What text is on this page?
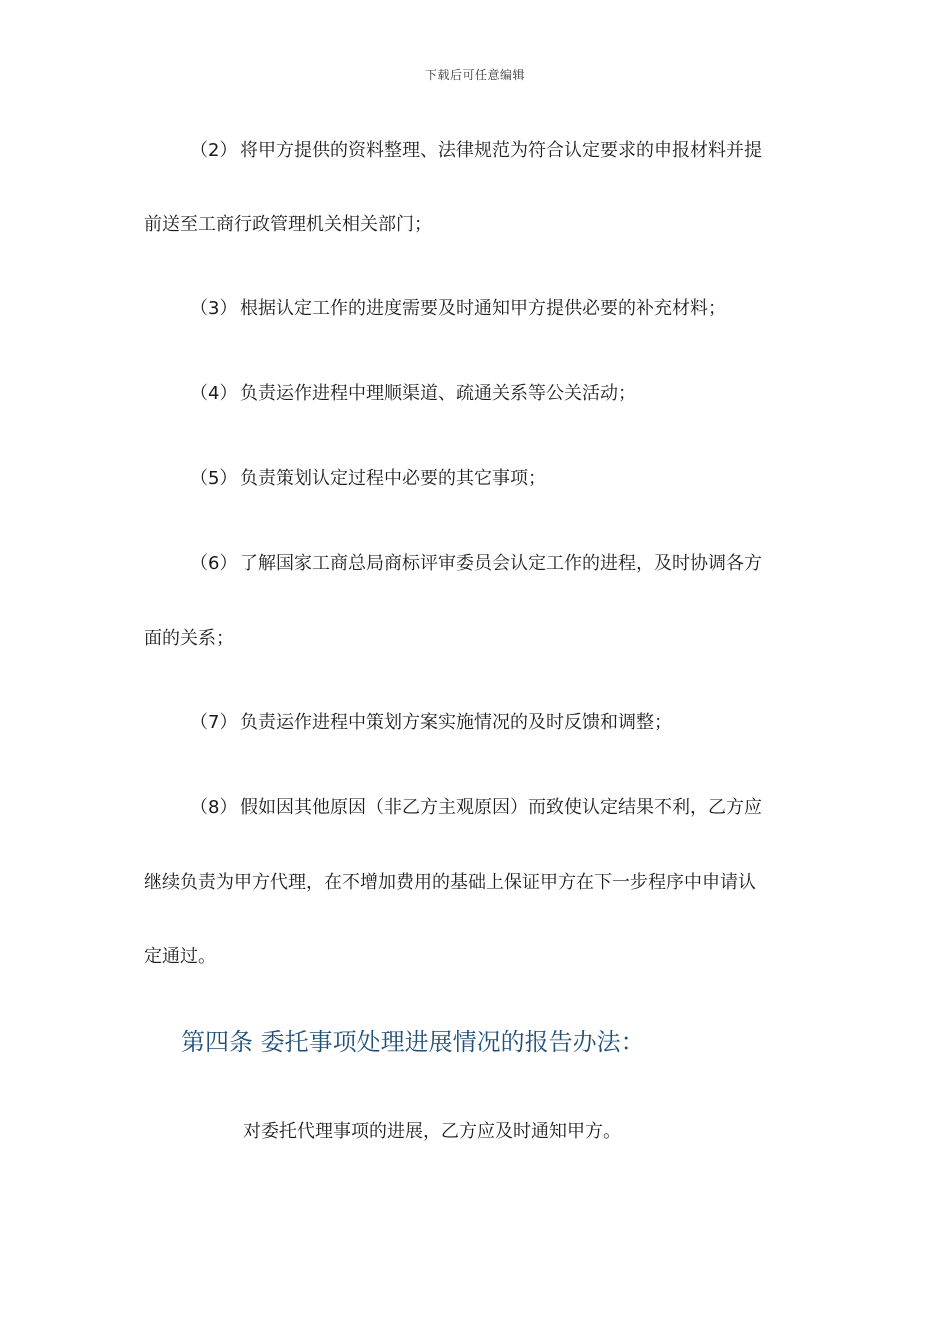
下载后可任意编辑
（2） 将甲方提供的资料整理、法律规范为符合认定要求的申报材料并提
前送至工商行政管理机关相关部门；
（3） 根据认定工作的进度需要及时通知甲方提供必要的补充材料；
（4） 负责运作进程中理顺渠道、疏通关系等公关活动；
（5） 负责策划认定过程中必要的其它事项；
（6） 了解国家工商总局商标评审委员会认定工作的进程，及时协调各方
面的关系；
（7） 负责运作进程中策划方案实施情况的及时反馈和调整；
（8） 假如因其他原因（非乙方主观原因）而致使认定结果不利，乙方应
继续负责为甲方代理，在不增加费用的基础上保证甲方在下一步程序中申请认
定通过。
第四条 委托事项处理进展情况的报告办法：
对委托代理事项的进展，乙方应及时通知甲方。
